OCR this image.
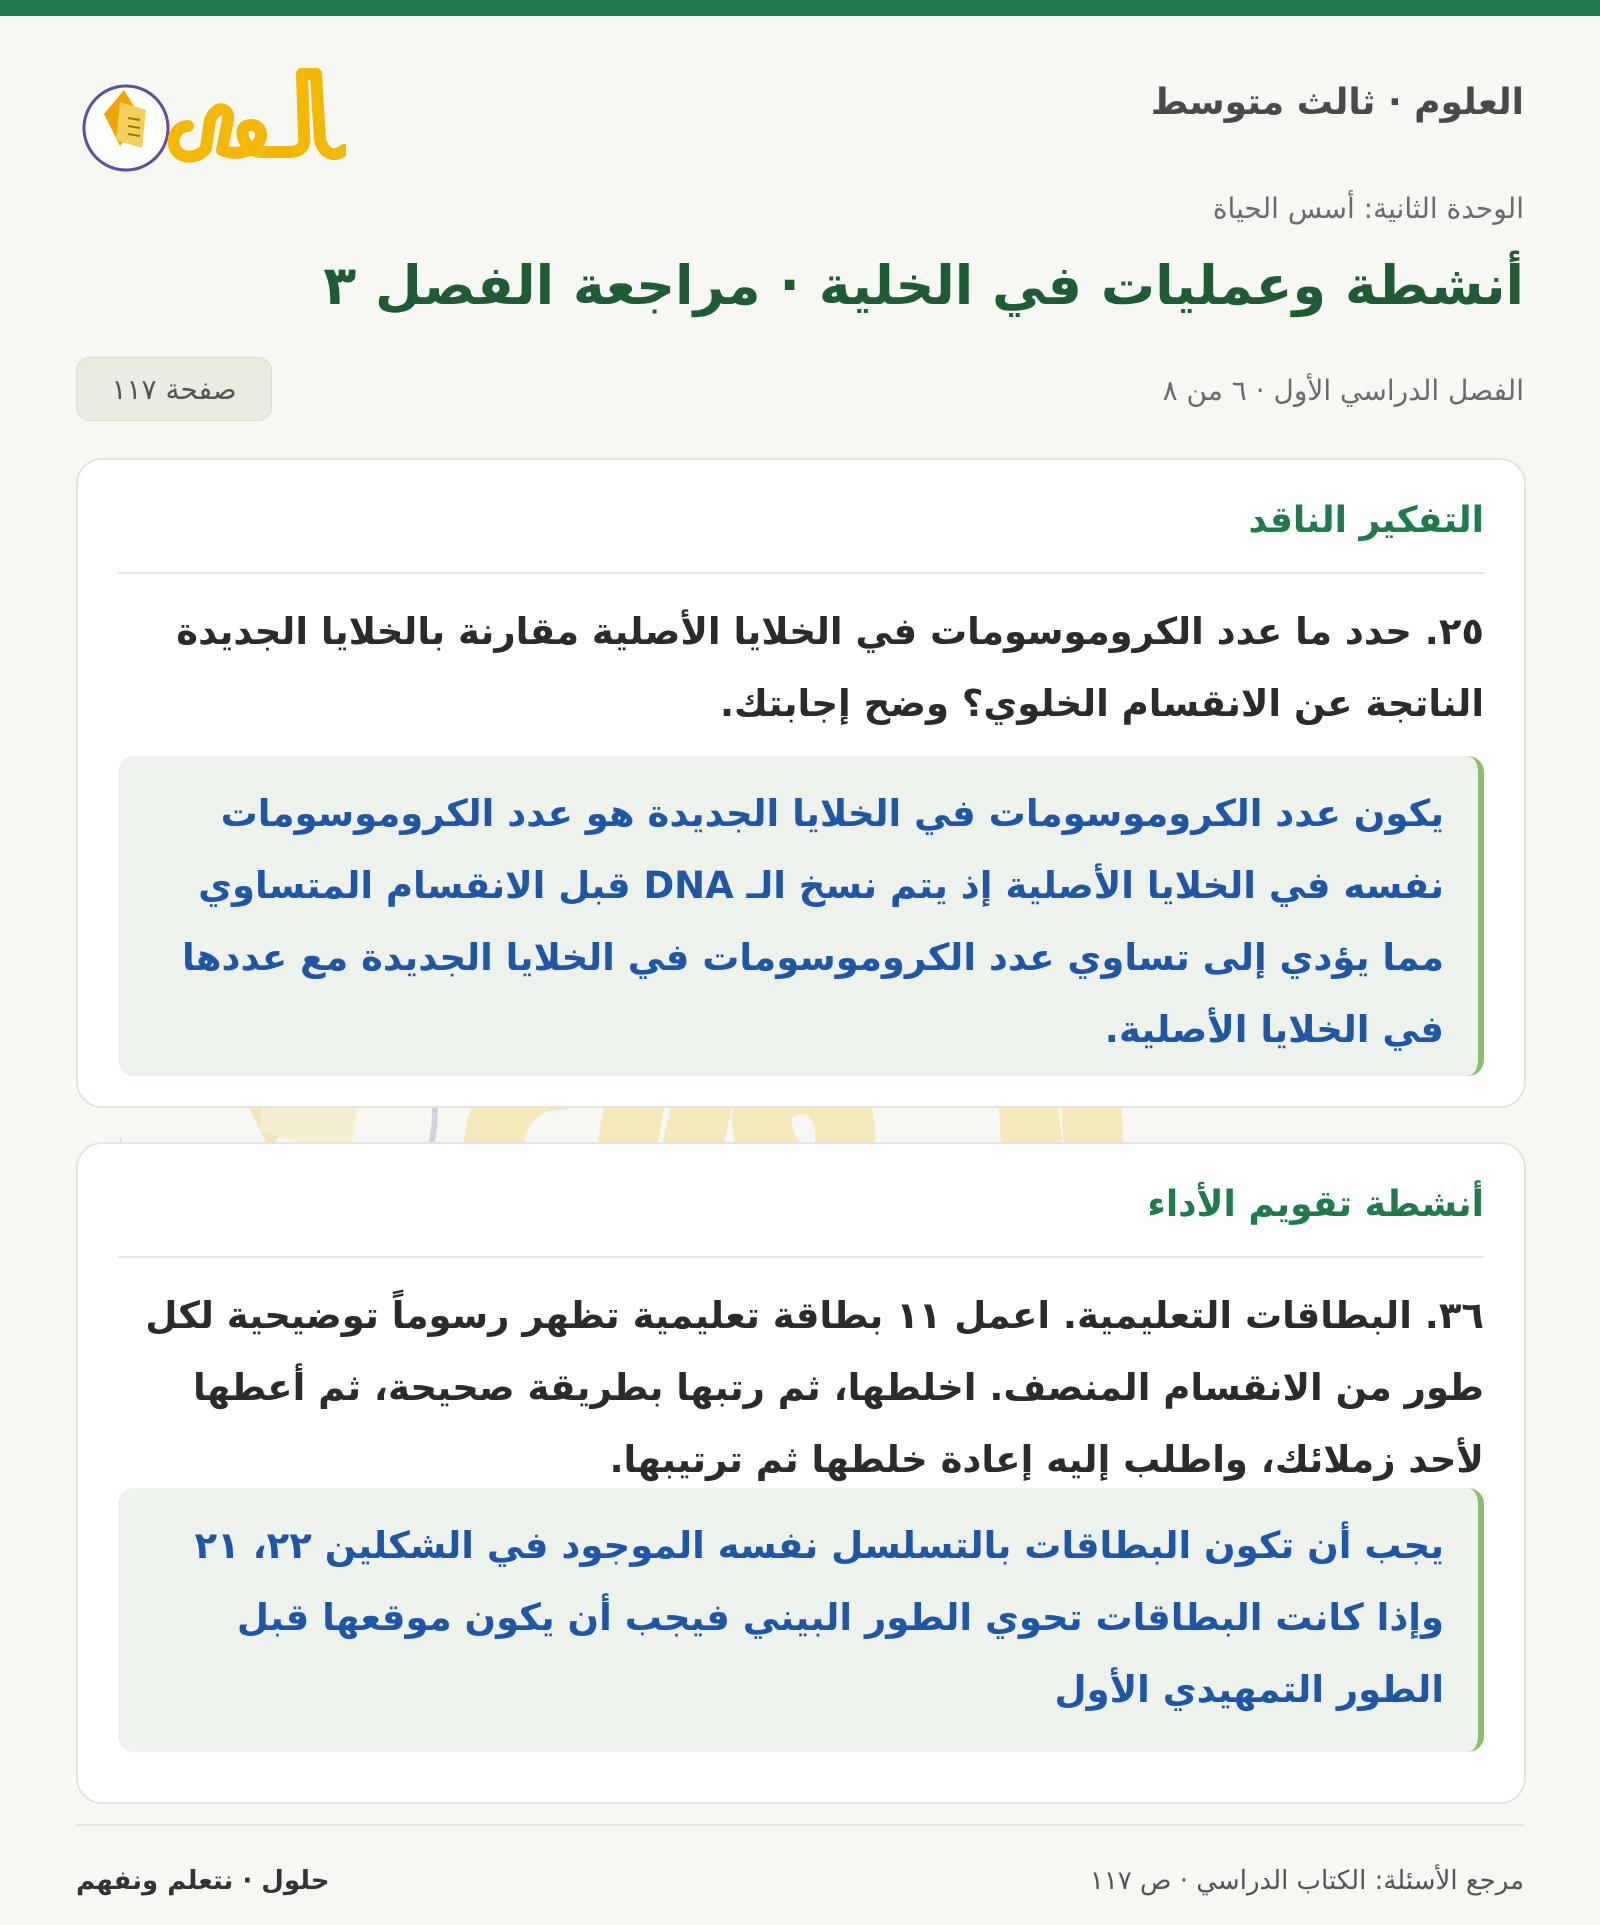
العلوم · ثالث متوسط
الوحدة الثانية: أسس الحياة
أنشطة وعمليات في الخلية · مراجعة الفصل ٣
الفصل الدراسي الأول · ٦ من ٨
صفحة ١١٧
التفكير الناقد
٢٥. حدد ما عدد الكروموسومات في الخلايا الأصلية مقارنة بالخلايا الجديدة الناتجة عن الانقسام الخلوي؟ وضح إجابتك.
يكون عدد الكروموسومات في الخلايا الجديدة هو عدد الكروموسومات نفسه في الخلايا الأصلية إذ يتم نسخ الـ DNA قبل الانقسام المتساوي مما يؤدي إلى تساوي عدد الكروموسومات في الخلايا الجديدة مع عددها في الخلايا الأصلية.
أنشطة تقويم الأداء
٣٦. البطاقات التعليمية. اعمل ١١ بطاقة تعليمية تظهر رسوماً توضيحية لكل طور من الانقسام المنصف. اخلطها، ثم رتبها بطريقة صحيحة، ثم أعطها لأحد زملائك، واطلب إليه إعادة خلطها ثم ترتيبها.
يجب أن تكون البطاقات بالتسلسل نفسه الموجود في الشكلين ٢٢، ٢١ وإذا كانت البطاقات تحوي الطور البيني فيجب أن يكون موقعها قبل الطور التمهيدي الأول
حلول · نتعلم ونفهم	مرجع الأسئلة: الكتاب الدراسي · ص ١١٧
